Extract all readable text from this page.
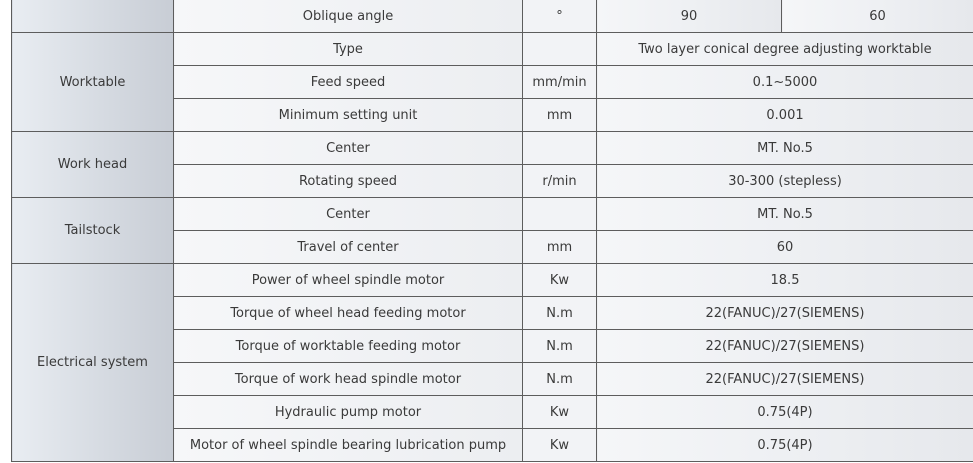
	Oblique angle	°	90	60
Worktable	Type		Two layer conical degree adjusting worktable	
	Feed speed	mm/min	0.1~5000	
	Minimum setting unit	mm	0.001	
Work head	Center		MT. No.5	
	Rotating speed	r/min	30-300 (stepless)	
Tailstock	Center		MT. No.5	
	Travel of center	mm	60	
Electrical system	Power of wheel spindle motor	Kw	18.5	
	Torque of wheel head feeding motor	N.m	22(FANUC)/27(SIEMENS)	
	Torque of worktable feeding motor	N.m	22(FANUC)/27(SIEMENS)	
	Torque of work head spindle motor	N.m	22(FANUC)/27(SIEMENS)	
	Hydraulic pump motor	Kw	0.75(4P)	
	Motor of wheel spindle bearing lubrication pump	Kw	0.75(4P)	
